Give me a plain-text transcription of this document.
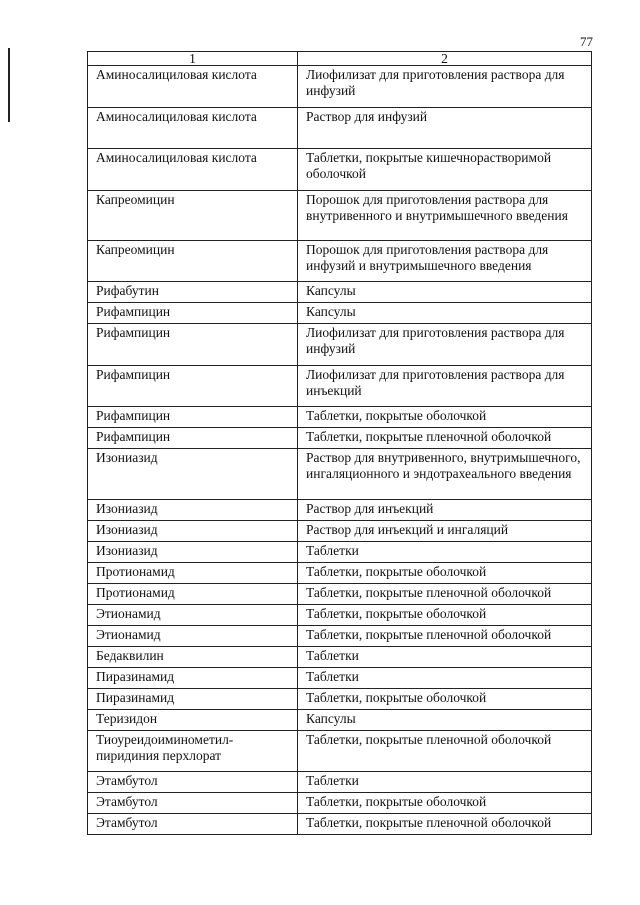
77
1	2
Аминосалициловая кислота	Лиофилизат для приготовления раствора для инфузий
Аминосалициловая кислота	Раствор для инфузий
Аминосалициловая кислота	Таблетки, покрытые кишечнорастворимой оболочкой
Капреомицин	Порошок для приготовления раствора для внутривенного и внутримышечного введения
Капреомицин	Порошок для приготовления раствора для инфузий и внутримышечного введения
Рифабутин	Капсулы
Рифампицин	Капсулы
Рифампицин	Лиофилизат для приготовления раствора для инфузий
Рифампицин	Лиофилизат для приготовления раствора для инъекций
Рифампицин	Таблетки, покрытые оболочкой
Рифампицин	Таблетки, покрытые пленочной оболочкой
Изониазид	Раствор для внутривенного, внутримышечного, ингаляционного и эндотрахеального введения
Изониазид	Раствор для инъекций
Изониазид	Раствор для инъекций и ингаляций
Изониазид	Таблетки
Протионамид	Таблетки, покрытые оболочкой
Протионамид	Таблетки, покрытые пленочной оболочкой
Этионамид	Таблетки, покрытые оболочкой
Этионамид	Таблетки, покрытые пленочной оболочкой
Бедаквилин	Таблетки
Пиразинамид	Таблетки
Пиразинамид	Таблетки, покрытые оболочкой
Теризидон	Капсулы
Тиоуреидоиминометил-пиридиния перхлорат	Таблетки, покрытые пленочной оболочкой
Этамбутол	Таблетки
Этамбутол	Таблетки, покрытые оболочкой
Этамбутол	Таблетки, покрытые пленочной оболочкой
